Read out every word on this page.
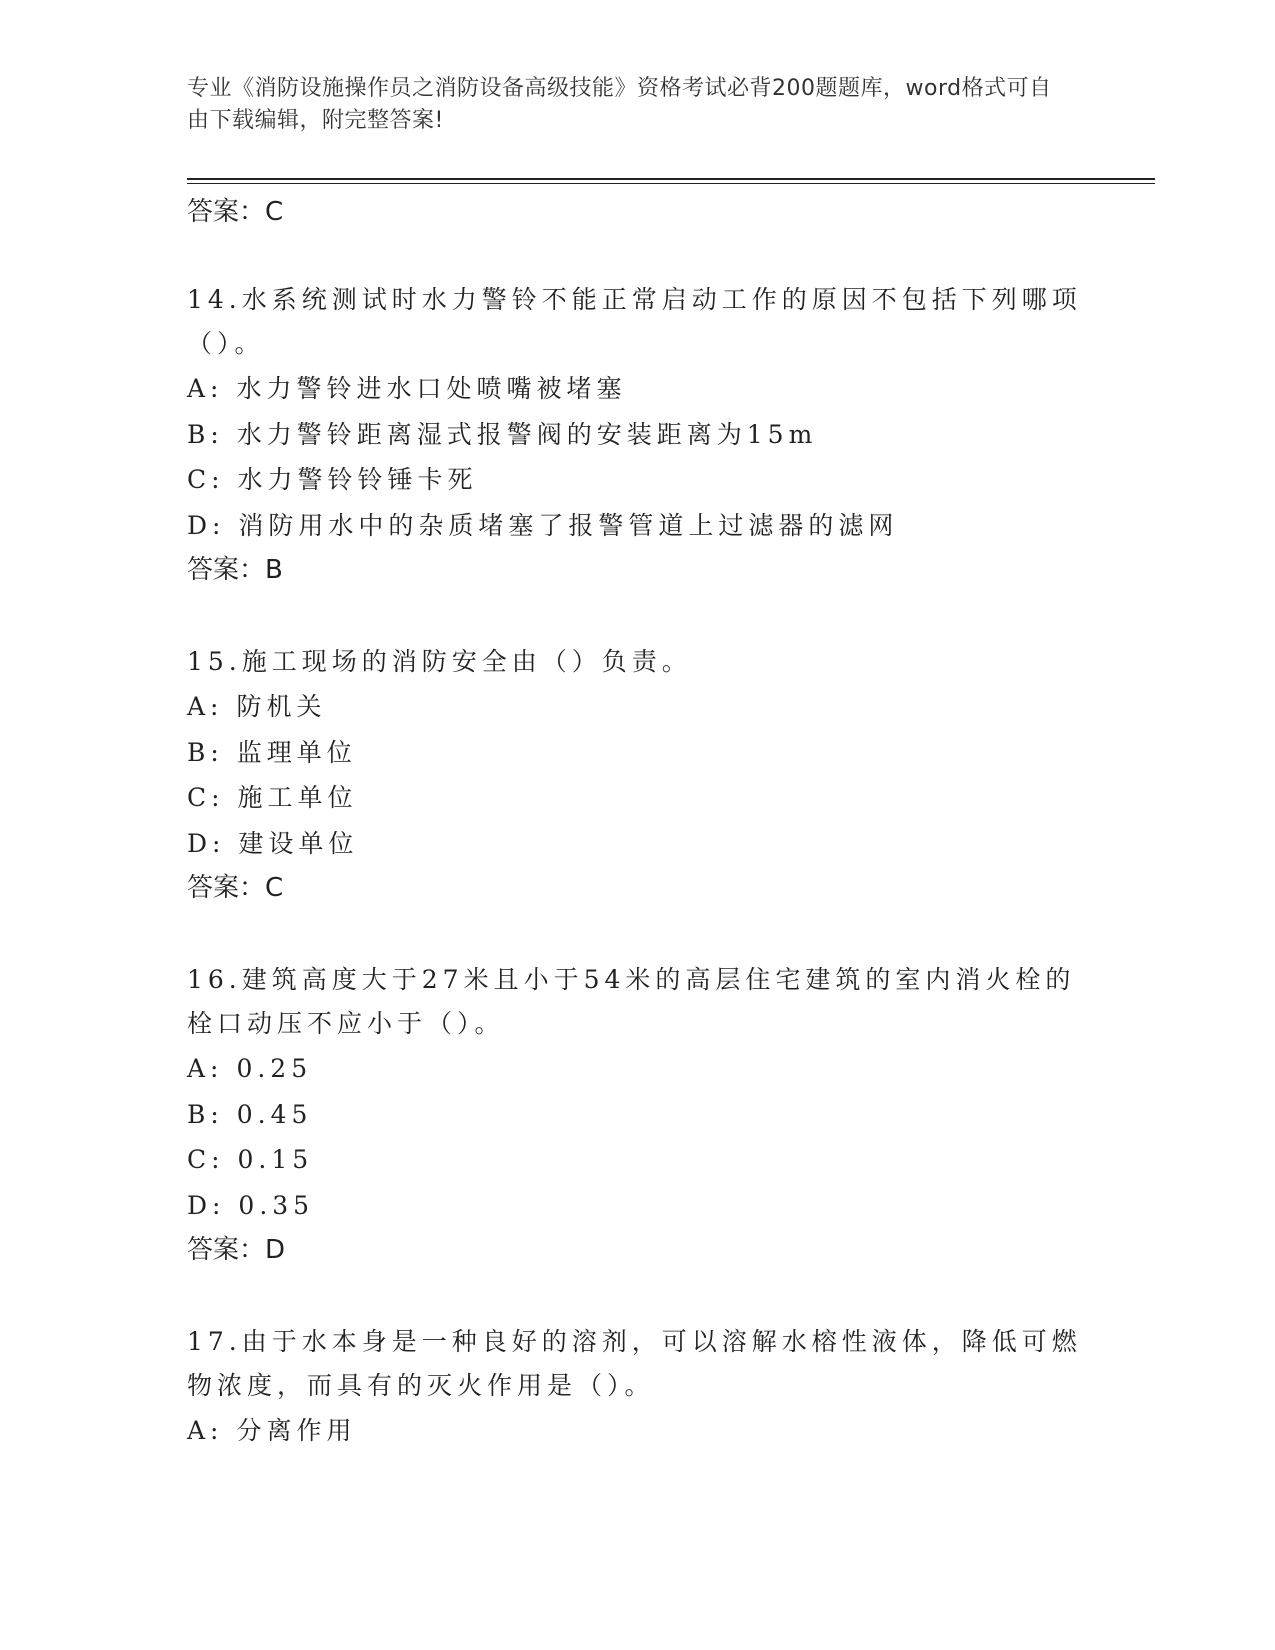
专业《消防设施操作员之消防设备高级技能》资格考试必背200题题库，word格式可自由下载编辑，附完整答案!

答案：C

14.水系统测试时水力警铃不能正常启动工作的原因不包括下列哪项（）。

A: 水力警铃进水口处喷嘴被堵塞

B: 水力警铃距离湿式报警阀的安装距离为15m

C: 水力警铃铃锤卡死

D: 消防用水中的杂质堵塞了报警管道上过滤器的滤网

答案：B

15.施工现场的消防安全由（）负责。

A: 防机关

B: 监理单位

C: 施工单位

D: 建设单位

答案：C

16.建筑高度大于27米且小于54米的高层住宅建筑的室内消火栓的栓口动压不应小于（）。

A: 0.25

B: 0.45

C: 0.15

D: 0.35

答案：D

17.由于水本身是一种良好的溶剂，可以溶解水榕性液体，降低可燃物浓度，而具有的灭火作用是（）。

A: 分离作用
